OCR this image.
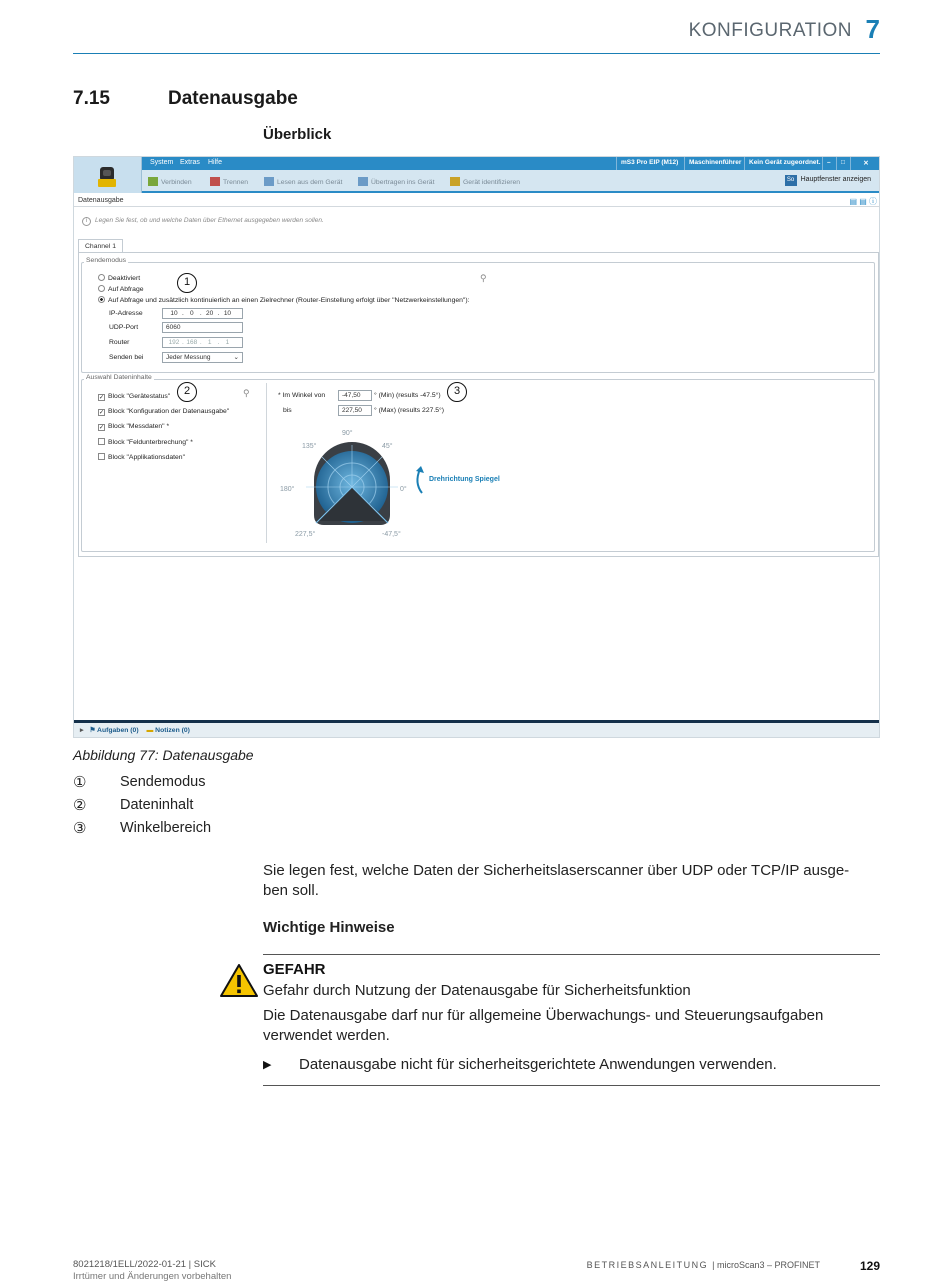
KONFIGURATION 7
7.15	Datenausgabe
Überblick
System Extras Hilfe	mS3 Pro EIP (M12)	Maschinenführer	Kein Gerät zugeordnet. –	□	✕
Verbinden	Trennen	Lesen aus dem Gerät	Übertragen ins Gerät	Gerät identifizieren	So Hauptfenster anzeigen
Datenausgabe	▤ ▤ ⓘ
i Legen Sie fest, ob und welche Daten über Ethernet ausgegeben werden sollen.
Channel 1
Sendemodus
Deaktiviert
Auf Abfrage
Auf Abfrage und zusätzlich kontinuierlich an einen Zielrechner (Router-Einstellung erfolgt über "Netzwerkeinstellungen"):
⚲
IP-Adresse	10 . 0 . 20 . 10
UDP-Port	6060
Router	192 . 168 . 1 . 1
Senden bei	Jeder Messung	⌄
1
Auswahl Dateninhalte
2	⚲
✓ Block "Gerätestatus"
✓ Block "Konfiguration der Datenausgabe"
✓ Block "Messdaten" *
Block "Feldunterbrechung" *
Block "Applikationsdaten"
* Im Winkel von	-47,50	° (Min) (results -47.5°)
bis	227,50	° (Max) (results 227.5°)
3
90°
135°	45°
180°	0°
227,5°	-47,5°
Drehrichtung Spiegel
▸ ⚑ Aufgaben (0) ▬ Notizen (0)
Abbildung 77: Datenausgabe
① Sendemodus
② Dateninhalt
③ Winkelbereich
Sie legen fest, welche Daten der Sicherheitslaserscanner über UDP oder TCP/IP ausge-
ben soll.
Wichtige Hinweise
GEFAHR
Gefahr durch Nutzung der Datenausgabe für Sicherheitsfunktion
Die Datenausgabe darf nur für allgemeine Überwachungs- und Steuerungsaufgaben
verwendet werden.
▶ Datenausgabe nicht für sicherheitsgerichtete Anwendungen verwenden.
8021218/1ELL/2022-01-21 | SICK
Irrtümer und Änderungen vorbehalten
BETRIEBSANLEITUNG | microScan3 – PROFINET	129
